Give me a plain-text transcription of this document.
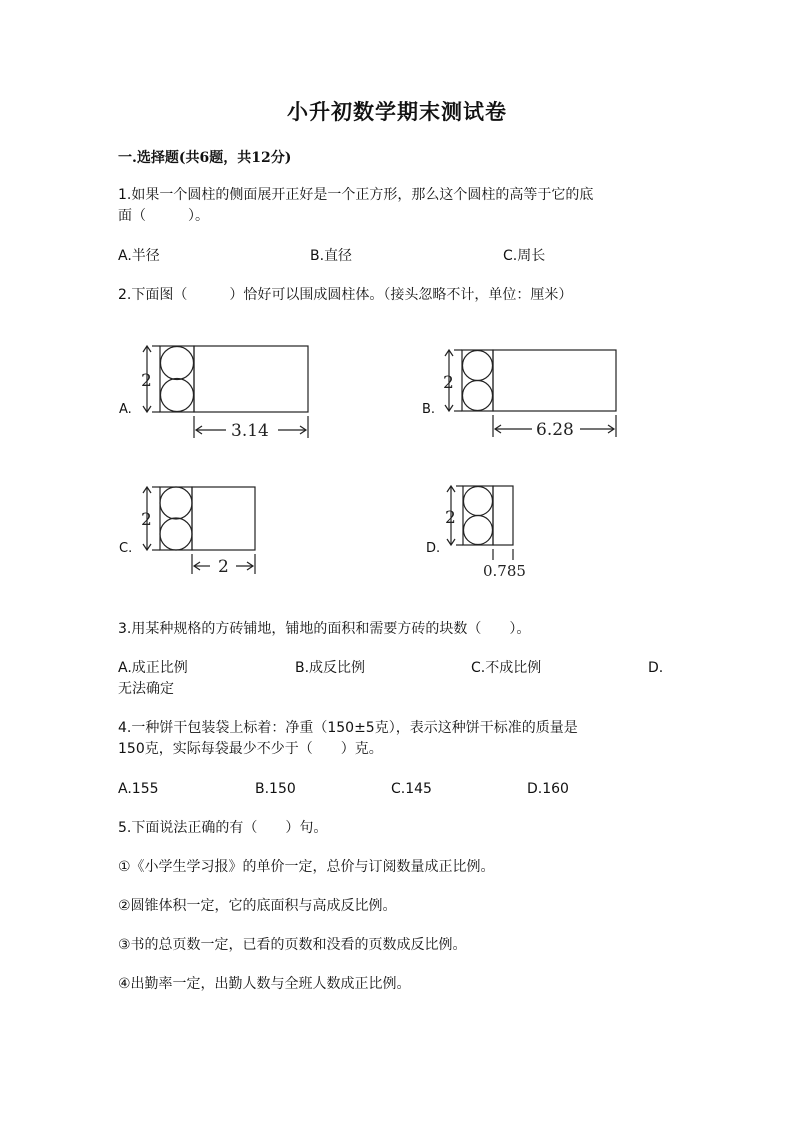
小升初数学期末测试卷
一.选择题(共6题，共12分)
1.如果一个圆柱的侧面展开正好是一个正方形，那么这个圆柱的高等于它的底
面（　　　）。
A.半径	B.直径	C.周长
2.下面图（　　　）恰好可以围成圆柱体。（接头忽略不计，单位：厘米）
A.
2
3.14
B.
2
6.28
C.
2
2
D.
2
0.785
3.用某种规格的方砖铺地，铺地的面积和需要方砖的块数（　　）。
A.成正比例	B.成反比例	C.不成比例	D.
无法确定
4.一种饼干包装袋上标着：净重（150±5克），表示这种饼干标准的质量是
150克，实际每袋最少不少于（　　）克。
A.155	B.150	C.145	D.160
5.下面说法正确的有（　　）句。
①《小学生学习报》的单价一定，总价与订阅数量成正比例。
②圆锥体积一定，它的底面积与高成反比例。
③书的总页数一定，已看的页数和没看的页数成反比例。
④出勤率一定，出勤人数与全班人数成正比例。
